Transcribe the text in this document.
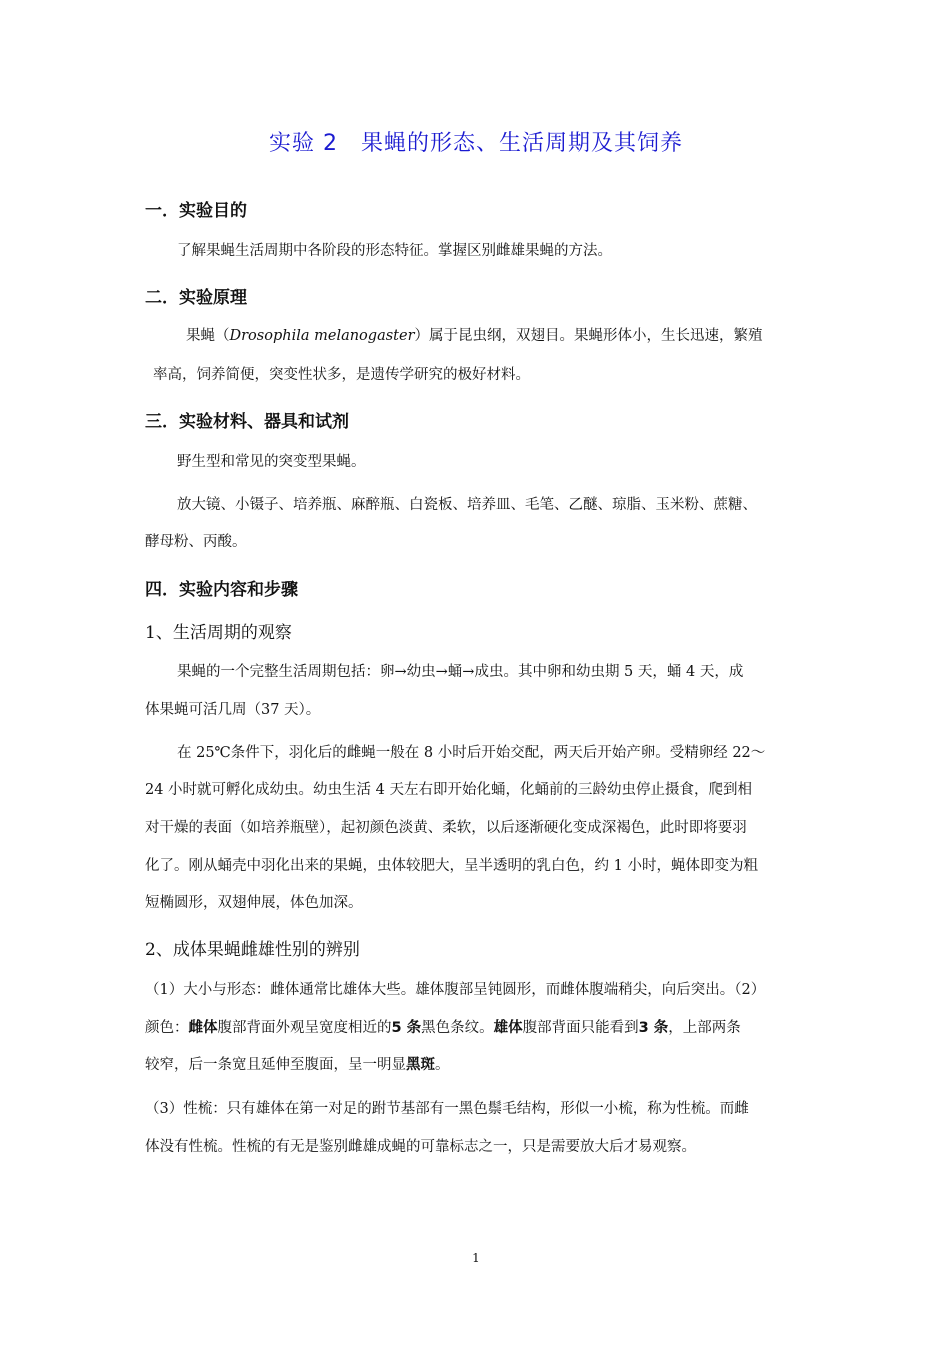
实验 2　果蝇的形态、生活周期及其饲养
一．实验目的
了解果蝇生活周期中各阶段的形态特征。掌握区别雌雄果蝇的方法。
二．实验原理
果蝇（Drosophila melanogaster）属于昆虫纲，双翅目。果蝇形体小，生长迅速，繁殖
率高，饲养简便，突变性状多，是遗传学研究的极好材料。
三．实验材料、器具和试剂
野生型和常见的突变型果蝇。
放大镜、小镊子、培养瓶、麻醉瓶、白瓷板、培养皿、毛笔、乙醚、琼脂、玉米粉、蔗糖、
酵母粉、丙酸。
四．实验内容和步骤
1、生活周期的观察
果蝇的一个完整生活周期包括：卵→幼虫→蛹→成虫。其中卵和幼虫期 5 天，蛹 4 天，成
体果蝇可活几周（37 天）。
在 25℃条件下，羽化后的雌蝇一般在 8 小时后开始交配，两天后开始产卵。受精卵经 22～
24 小时就可孵化成幼虫。幼虫生活 4 天左右即开始化蛹，化蛹前的三龄幼虫停止摄食，爬到相
对干燥的表面（如培养瓶壁），起初颜色淡黄、柔软，以后逐渐硬化变成深褐色，此时即将要羽
化了。刚从蛹壳中羽化出来的果蝇，虫体较肥大，呈半透明的乳白色，约 1 小时，蝇体即变为粗
短椭圆形，双翅伸展，体色加深。
2、成体果蝇雌雄性别的辨别
（1）大小与形态：雌体通常比雄体大些。雄体腹部呈钝圆形，而雌体腹端稍尖，向后突出。（2）
颜色：雌体腹部背面外观呈宽度相近的5 条黑色条纹。雄体腹部背面只能看到3 条，上部两条
较窄，后一条宽且延伸至腹面，呈一明显黑斑。
（3）性梳：只有雄体在第一对足的跗节基部有一黑色鬃毛结构，形似一小梳，称为性梳。而雌
体没有性梳。性梳的有无是鉴别雌雄成蝇的可靠标志之一，只是需要放大后才易观察。
1
